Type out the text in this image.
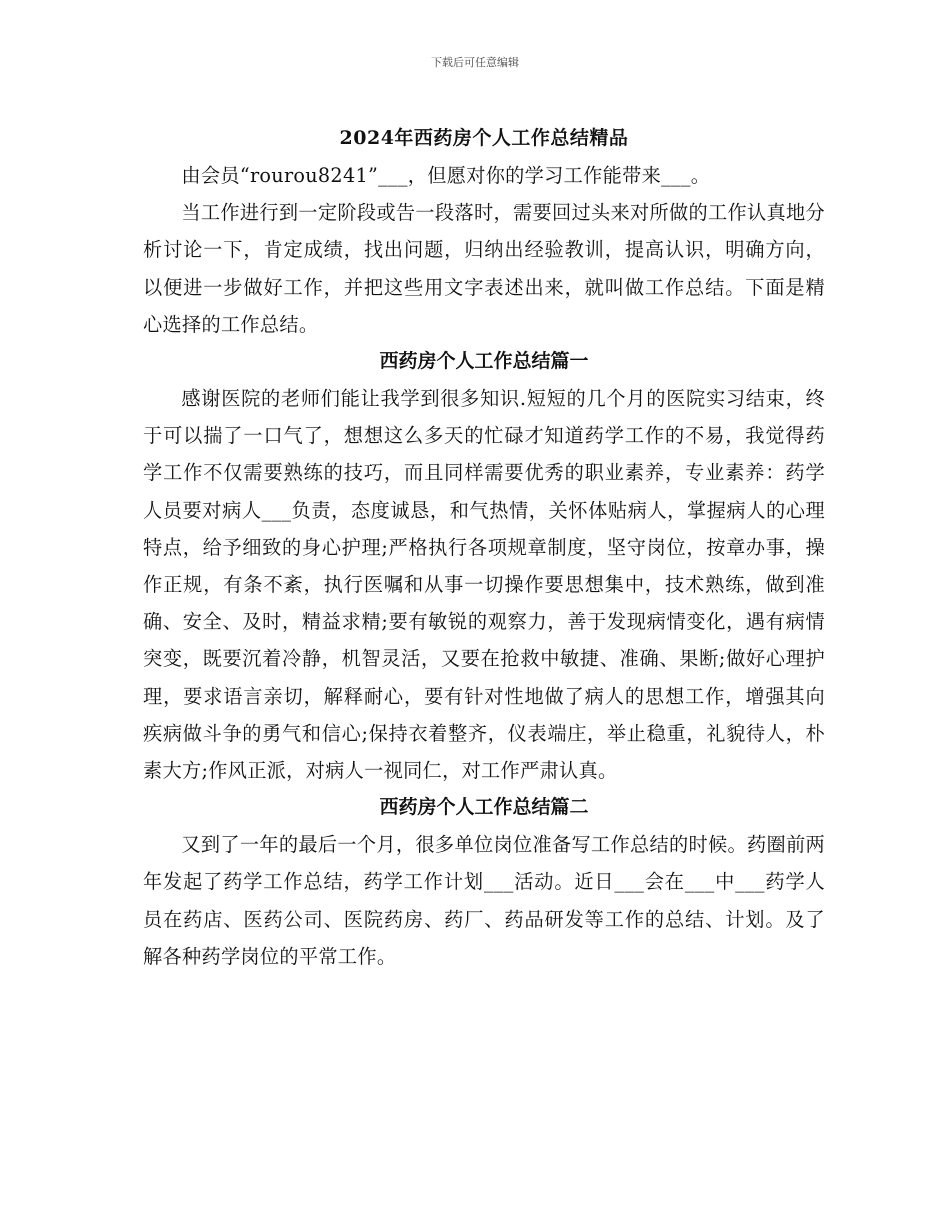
下载后可任意编辑
2024年西药房个人工作总结精品

由会员“rourou8241”___，但愿对你的学习工作能带来___。

当工作进行到一定阶段或告一段落时，需要回过头来对所做的工作认真地分析讨论一下，肯定成绩，找出问题，归纳出经验教训，提高认识，明确方向，以便进一步做好工作，并把这些用文字表述出来，就叫做工作总结。下面是精心选择的工作总结。

西药房个人工作总结篇一

感谢医院的老师们能让我学到很多知识.短短的几个月的医院实习结束，终于可以揣了一口气了，想想这么多天的忙碌才知道药学工作的不易，我觉得药学工作不仅需要熟练的技巧，而且同样需要优秀的职业素养，专业素养：药学人员要对病人___负责，态度诚恳，和气热情，关怀体贴病人，掌握病人的心理特点，给予细致的身心护理;严格执行各项规章制度，坚守岗位，按章办事，操作正规，有条不紊，执行医嘱和从事一切操作要思想集中，技术熟练，做到准确、安全、及时，精益求精;要有敏锐的观察力，善于发现病情变化，遇有病情突变，既要沉着冷静，机智灵活，又要在抢救中敏捷、准确、果断;做好心理护理，要求语言亲切，解释耐心，要有针对性地做了病人的思想工作，增强其向疾病做斗争的勇气和信心;保持衣着整齐，仪表端庄，举止稳重，礼貌待人，朴素大方;作风正派，对病人一视同仁，对工作严肃认真。

西药房个人工作总结篇二

又到了一年的最后一个月，很多单位岗位准备写工作总结的时候。药圈前两年发起了药学工作总结，药学工作计划___活动。近日___会在___中___药学人员在药店、医药公司、医院药房、药厂、药品研发等工作的总结、计划。及了解各种药学岗位的平常工作。
